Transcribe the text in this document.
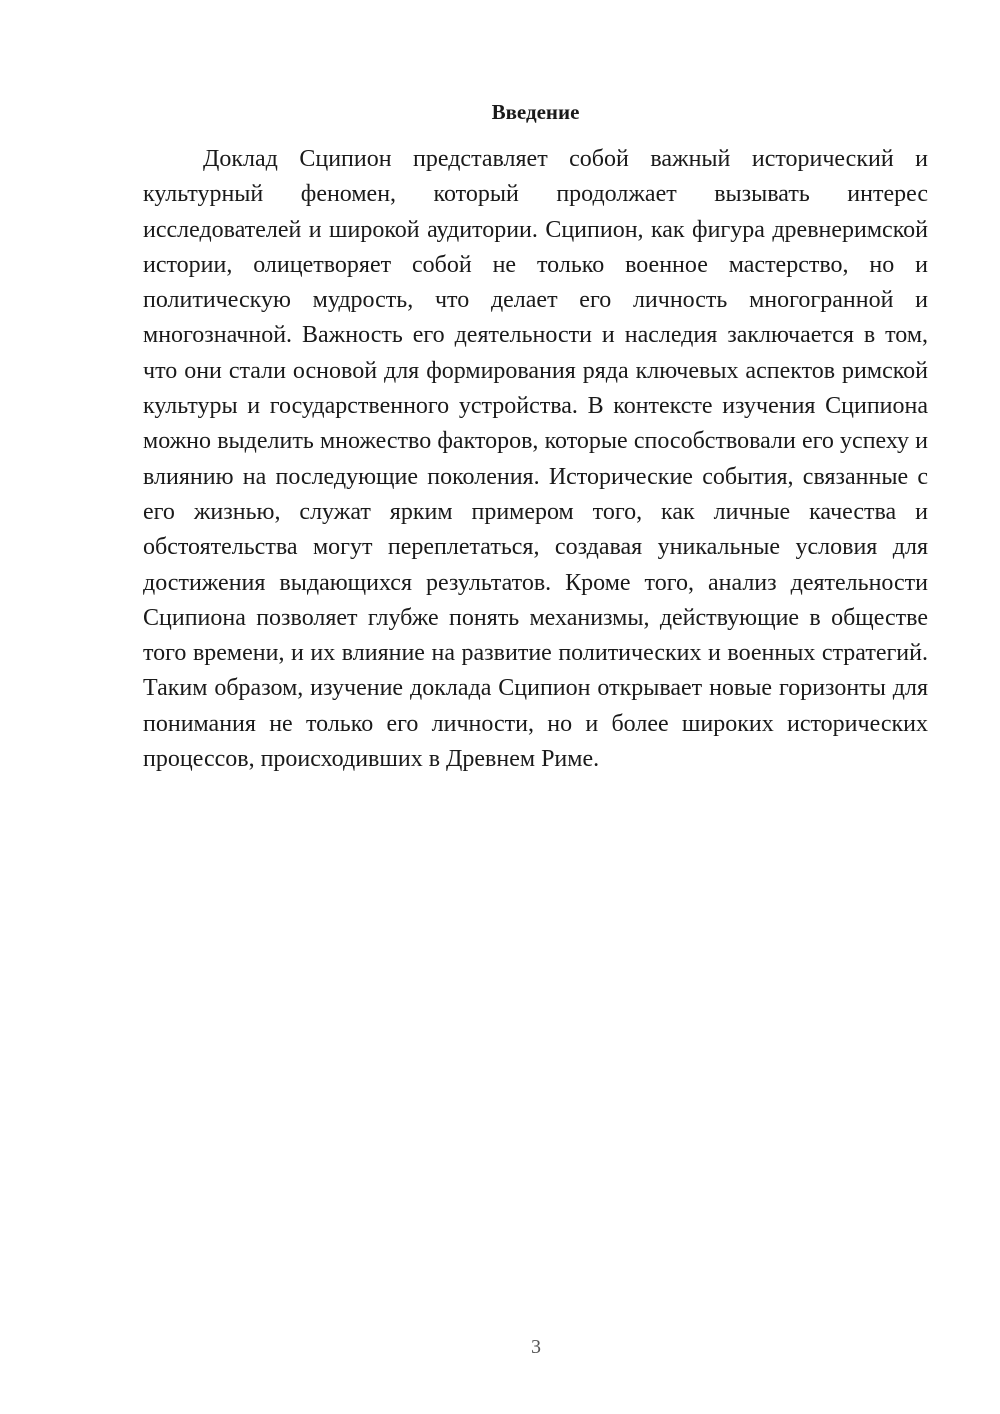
Введение

Доклад Сципион представляет собой важный исторический и культурный феномен, который продолжает вызывать интерес исследователей и широкой аудитории. Сципион, как фигура древнеримской истории, олицетворяет собой не только военное мастерство, но и политическую мудрость, что делает его личность многогранной и многозначной. Важность его деятельности и наследия заключается в том, что они стали основой для формирования ряда ключевых аспектов римской культуры и государственного устройства. В контексте изучения Сципиона можно выделить множество факторов, которые способствовали его успеху и влиянию на последующие поколения. Исторические события, связанные с его жизнью, служат ярким примером того, как личные качества и обстоятельства могут переплетаться, создавая уникальные условия для достижения выдающихся результатов. Кроме того, анализ деятельности Сципиона позволяет глубже понять механизмы, действующие в обществе того времени, и их влияние на развитие политических и военных стратегий. Таким образом, изучение доклада Сципион открывает новые горизонты для понимания не только его личности, но и более широких исторических процессов, происходивших в Древнем Риме.

3
